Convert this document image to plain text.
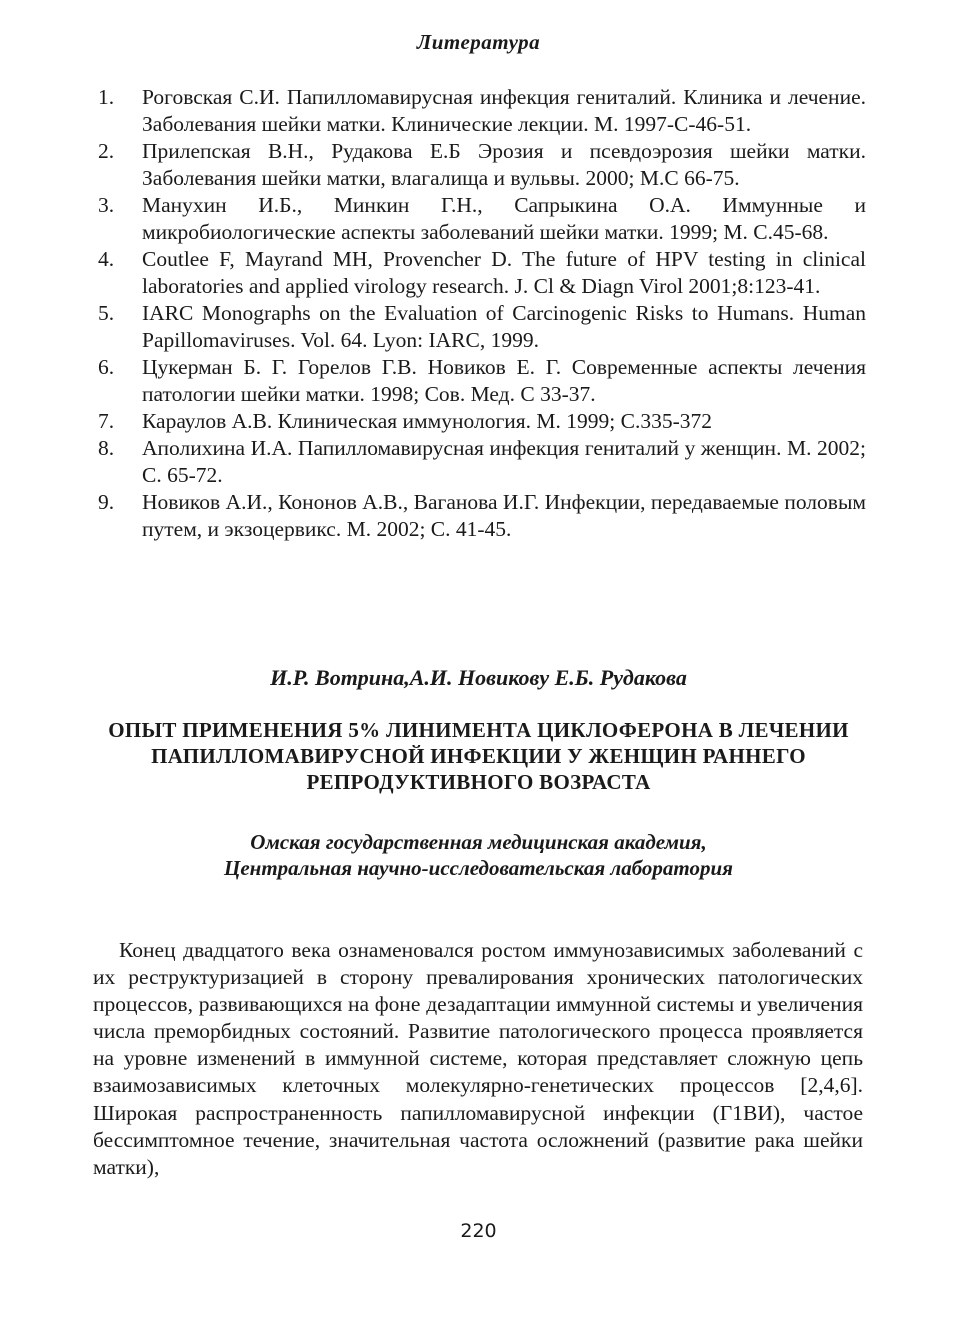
Литература
1. Роговская С.И. Папилломавирусная инфекция гениталий. Клиника и лечение. Заболевания шейки матки. Клинические лекции. М. 1997-С-46-51.
2. Прилепская В.Н., Рудакова Е.Б Эрозия и псевдоэрозия шейки матки. Заболевания шейки матки, влагалища и вульвы. 2000; М.С 66-75.
3. Манухин И.Б., Минкин Г.Н., Сапрыкина О.А. Иммунные и микробиологические аспекты заболеваний шейки матки. 1999; М. С.45-68.
4. Coutlee F, Mayrand MH, Provencher D. The future of HPV testing in clinical laboratories and applied virology research. J. Cl & Diagn Virol 2001;8:123-41.
5. IARC Monographs on the Evaluation of Carcinogenic Risks to Humans. Human Papillomaviruses. Vol. 64. Lyon: IARC, 1999.
6. Цукерман Б. Г. Горелов Г.В. Новиков Е. Г. Современные аспекты лечения патологии шейки матки. 1998; Сов. Мед. С 33-37.
7. Караулов А.В. Клиническая иммунология. М. 1999; С.335-372
8. Аполихина И.А. Папилломавирусная инфекция гениталий у женщин. М. 2002; С. 65-72.
9. Новиков А.И., Кононов А.В., Ваганова И.Г. Инфекции, передаваемые половым путем, и экзоцервикс. М. 2002; С. 41-45.
И.Р. Вотрина,А.И. Новикову Е.Б. Рудакова
ОПЫТ ПРИМЕНЕНИЯ 5% ЛИНИМЕНТА ЦИКЛОФЕРОНА В ЛЕЧЕНИИ ПАПИЛЛОМАВИРУСНОЙ ИНФЕКЦИИ У ЖЕНЩИН РАННЕГО РЕПРОДУКТИВНОГО ВОЗРАСТА
Омская государственная медицинская академия,
Центральная научно-исследовательская лаборатория

Конец двадцатого века ознаменовался ростом иммунозависимых заболеваний с их реструктуризацией в сторону превалирования хронических патологических процессов, развивающихся на фоне дезадаптации иммунной системы и увеличения числа преморбидных состояний. Развитие патологического процесса проявляется на уровне изменений в иммунной системе, которая представляет сложную цепь взаимозависимых клеточных молекулярно-генетических процессов [2,4,6]. Широкая распространенность папилломавирусной инфекции (Г1ВИ), частое бессимптомное течение, значительная частота осложнений (развитие рака шейки матки),

220
